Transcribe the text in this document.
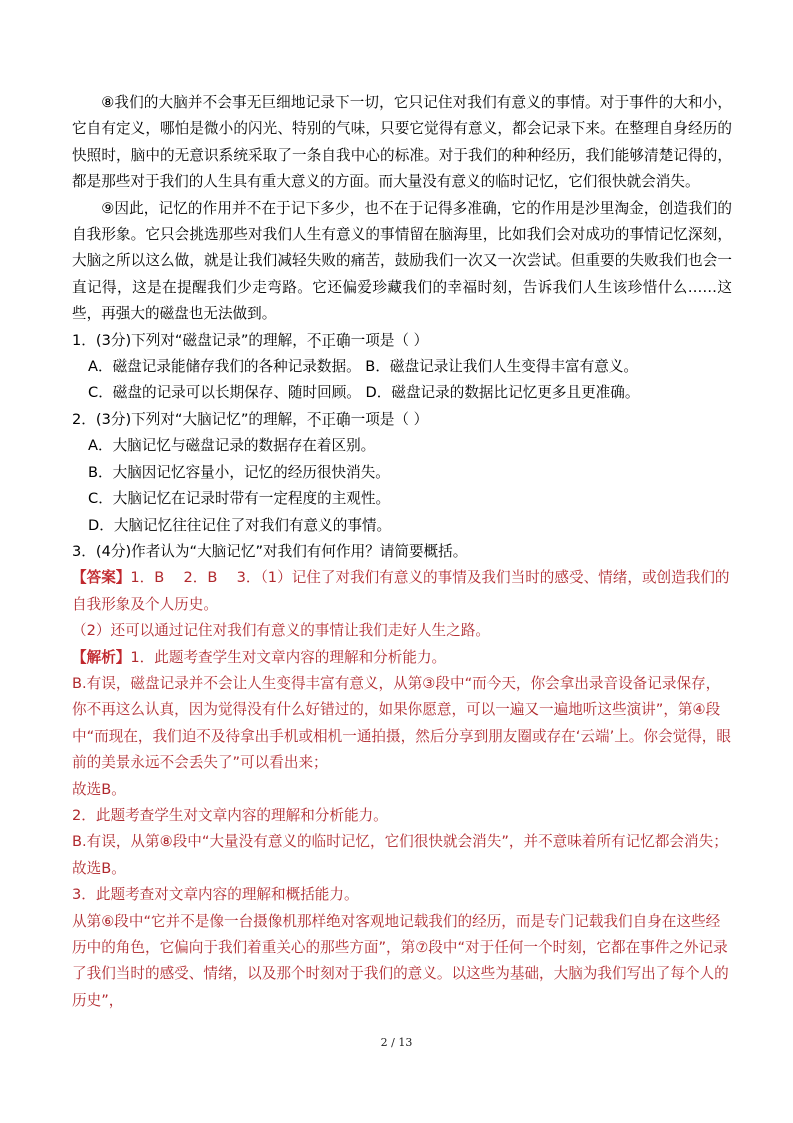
⑧我们的大脑并不会事无巨细地记录下一切，它只记住对我们有意义的事情。对于事件的大和小，它自有定义，哪怕是微小的闪光、特别的气味，只要它觉得有意义，都会记录下来。在整理自身经历的快照时，脑中的无意识系统采取了一条自我中心的标准。对于我们的种种经历，我们能够清楚记得的，都是那些对于我们的人生具有重大意义的方面。而大量没有意义的临时记忆，它们很快就会消失。

⑨因此，记忆的作用并不在于记下多少，也不在于记得多准确，它的作用是沙里淘金，创造我们的自我形象。它只会挑选那些对我们人生有意义的事情留在脑海里，比如我们会对成功的事情记忆深刻，大脑之所以这么做，就是让我们减轻失败的痛苦，鼓励我们一次又一次尝试。但重要的失败我们也会一直记得，这是在提醒我们少走弯路。它还偏爱珍藏我们的幸福时刻，告诉我们人生该珍惜什么……这些，再强大的磁盘也无法做到。

1．(3分)下列对“磁盘记录”的理解，不正确一项是（ ）

A．磁盘记录能储存我们的各种记录数据。 B．磁盘记录让我们人生变得丰富有意义。

C．磁盘的记录可以长期保存、随时回顾。 D．磁盘记录的数据比记忆更多且更准确。

2．(3分)下列对“大脑记忆”的理解，不正确一项是（ ）

A．大脑记忆与磁盘记录的数据存在着区别。

B．大脑因记忆容量小，记忆的经历很快消失。

C．大脑记忆在记录时带有一定程度的主观性。

D．大脑记忆往往记住了对我们有意义的事情。

3．(4分)作者认为“大脑记忆”对我们有何作用？请简要概括。

【答案】1．B　 2．B　 3．（1）记住了对我们有意义的事情及我们当时的感受、情绪，或创造我们的自我形象及个人历史。

（2）还可以通过记住对我们有意义的事情让我们走好人生之路。

【解析】1．此题考查学生对文章内容的理解和分析能力。

B.有误，磁盘记录并不会让人生变得丰富有意义，从第③段中“而今天，你会拿出录音设备记录保存，你不再这么认真，因为觉得没有什么好错过的，如果你愿意，可以一遍又一遍地听这些演讲”，第④段中“而现在，我们迫不及待拿出手机或相机一通拍摄，然后分享到朋友圈或存在‘云端’上。你会觉得，眼前的美景永远不会丢失了”可以看出来；

故选B。

2．此题考查学生对文章内容的理解和分析能力。

B.有误，从第⑧段中“大量没有意义的临时记忆，它们很快就会消失”，并不意味着所有记忆都会消失；

故选B。

3．此题考查对文章内容的理解和概括能力。

从第⑥段中“它并不是像一台摄像机那样绝对客观地记载我们的经历，而是专门记载我们自身在这些经历中的角色，它偏向于我们着重关心的那些方面”，第⑦段中“对于任何一个时刻，它都在事件之外记录了我们当时的感受、情绪，以及那个时刻对于我们的意义。以这些为基础，大脑为我们写出了每个人的历史”，

2 / 13
